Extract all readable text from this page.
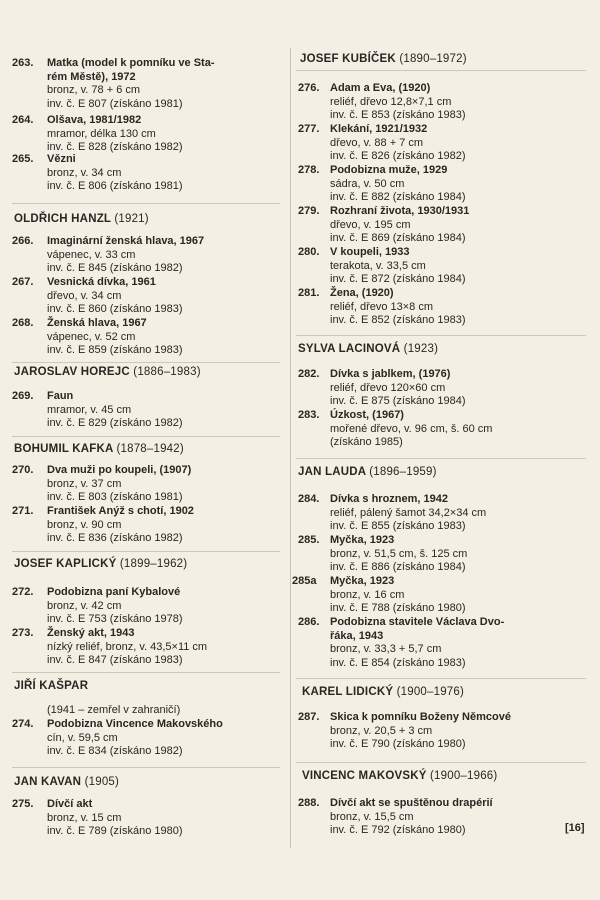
263.	Matka (model k pomníku ve Sta-
rém Městě), 1972
bronz, v. 78 + 6 cm
inv. č. E 807 (získáno 1981)
264.	Olšava, 1981/1982
mramor, délka 130 cm
inv. č. E 828 (získáno 1982)
265.	Vězni
bronz, v. 34 cm
inv. č. E 806 (získáno 1981)
OLDŘICH HANZL (1921)
266.	Imaginární ženská hlava, 1967
vápenec, v. 33 cm
inv. č. E 845 (získáno 1982)
267.	Vesnická dívka, 1961
dřevo, v. 34 cm
inv. č. E 860 (získáno 1983)
268.	Ženská hlava, 1967
vápenec, v. 52 cm
inv. č. E 859 (získáno 1983)
JAROSLAV HOREJC (1886–1983)
269.	Faun
mramor, v. 45 cm
inv. č. E 829 (získáno 1982)
BOHUMIL KAFKA (1878–1942)
270.	Dva muži po koupeli, (1907)
bronz, v. 37 cm
inv. č. E 803 (získáno 1981)
271.	František Anýž s chotí, 1902
bronz, v. 90 cm
inv. č. E 836 (získáno 1982)
JOSEF KAPLICKÝ (1899–1962)
272.	Podobizna paní Kybalové
bronz, v. 42 cm
inv. č. E 753 (získáno 1978)
273.	Ženský akt, 1943
nízký reliéf, bronz, v. 43,5×11 cm
inv. č. E 847 (získáno 1983)
JIŘÍ KAŠPAR
(1941 – zemřel v zahraničí)
274.	Podobizna Vincence Makovského
cín, v. 59,5 cm
inv. č. E 834 (získáno 1982)
JAN KAVAN (1905)
275.	Dívčí akt
bronz, v. 15 cm
inv. č. E 789 (získáno 1980)
JOSEF KUBÍČEK (1890–1972)
276. Adam a Eva, (1920)
reliéf, dřevo 12,8×7,1 cm
inv. č. E 853 (získáno 1983)
277. Klekání, 1921/1932
dřevo, v. 88 + 7 cm
inv. č. E 826 (získáno 1982)
278. Podobizna muže, 1929
sádra, v. 50 cm
inv. č. E 882 (získáno 1984)
279. Rozhraní života, 1930/1931
dřevo, v. 195 cm
inv. č. E 869 (získáno 1984)
280. V koupeli, 1933
terakota, v. 33,5 cm
inv. č. E 872 (získáno 1984)
281. Žena, (1920)
reliéf, dřevo 13×8 cm
inv. č. E 852 (získáno 1983)
SYLVA LACINOVÁ (1923)
282. Dívka s jablkem, (1976)
reliéf, dřevo 120×60 cm
inv. č. E 875 (získáno 1984)
283. Úzkost, (1967)
mořené dřevo, v. 96 cm, š. 60 cm
(získáno 1985)
JAN LAUDA (1896–1959)
284. Dívka s hroznem, 1942
reliéf, pálený šamot 34,2×34 cm
inv. č. E 855 (získáno 1983)
285. Myčka, 1923
bronz, v. 51,5 cm, š. 125 cm
inv. č. E 886 (získáno 1984)
285a	Myčka, 1923
bronz, v. 16 cm
inv. č. E 788 (získáno 1980)
286. Podobizna stavitele Václava Dvo-
řáka, 1943
bronz, v. 33,3 + 5,7 cm
inv. č. E 854 (získáno 1983)
KAREL LIDICKÝ (1900–1976)
287. Skica k pomníku Boženy Němcové
bronz, v. 20,5 + 3 cm
inv. č. E 790 (získáno 1980)
VINCENC MAKOVSKÝ (1900–1966)
288. Dívčí akt se spuštěnou drapérií
bronz, v. 15,5 cm
inv. č. E 792 (získáno 1980)	[16]
